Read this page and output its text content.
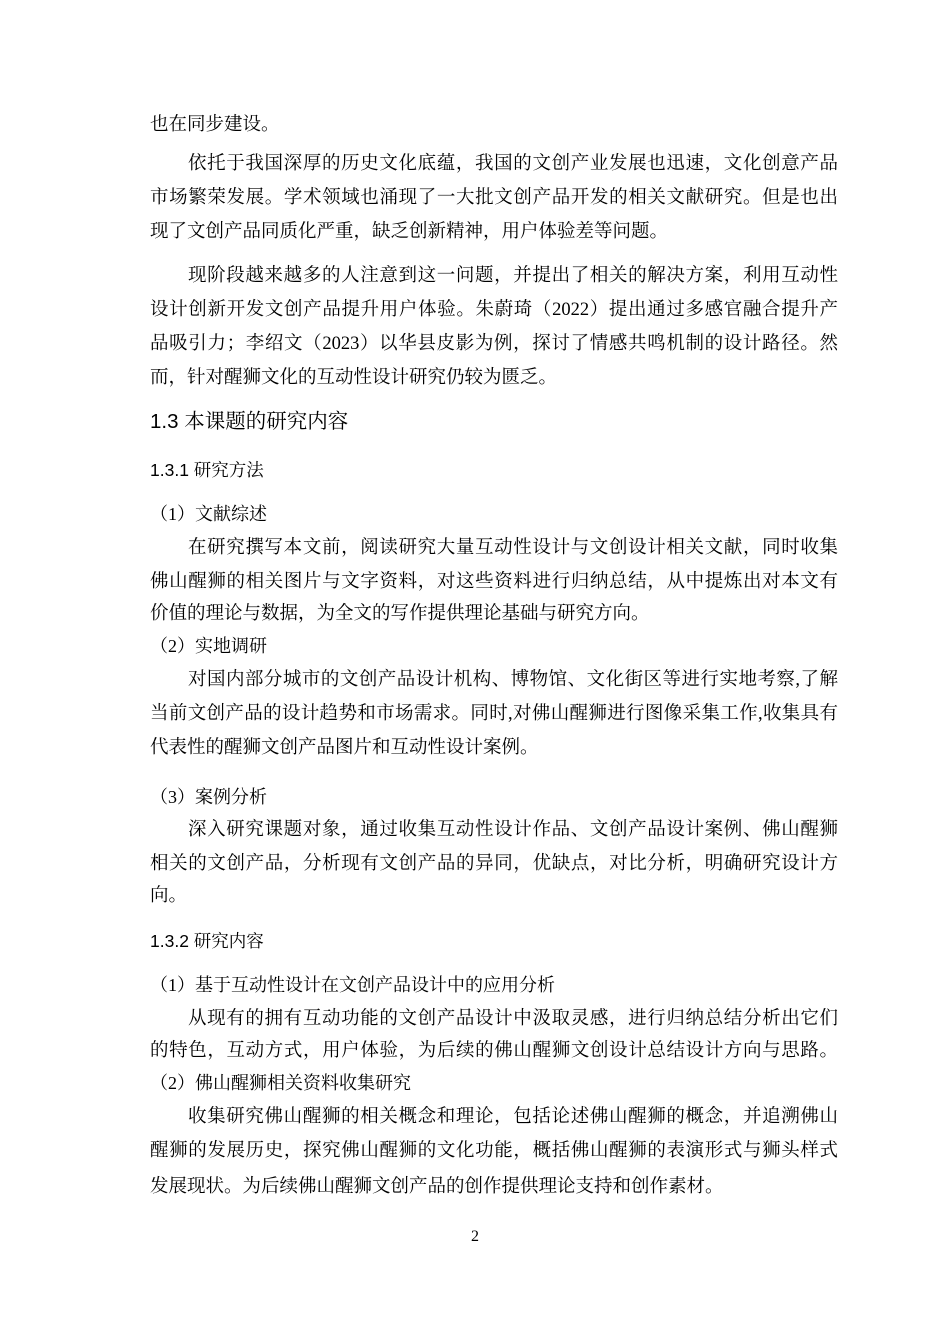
也在同步建设。
依托于我国深厚的历史文化底蕴，我国的文创产业发展也迅速，文化创意产品
市场繁荣发展。学术领域也涌现了一大批文创产品开发的相关文献研究。但是也出
现了文创产品同质化严重，缺乏创新精神，用户体验差等问题。
现阶段越来越多的人注意到这一问题，并提出了相关的解决方案，利用互动性
设计创新开发文创产品提升用户体验。朱蔚琦（2022）提出通过多感官融合提升产
品吸引力；李绍文（2023）以华县皮影为例，探讨了情感共鸣机制的设计路径。然
而，针对醒狮文化的互动性设计研究仍较为匮乏。
1.3 本课题的研究内容
1.3.1 研究方法
（1）文献综述
在研究撰写本文前，阅读研究大量互动性设计与文创设计相关文献，同时收集
佛山醒狮的相关图片与文字资料，对这些资料进行归纳总结，从中提炼出对本文有
价值的理论与数据，为全文的写作提供理论基础与研究方向。
（2）实地调研
对国内部分城市的文创产品设计机构、博物馆、文化街区等进行实地考察,了解
当前文创产品的设计趋势和市场需求。同时,对佛山醒狮进行图像采集工作,收集具有
代表性的醒狮文创产品图片和互动性设计案例。
（3）案例分析
深入研究课题对象，通过收集互动性设计作品、文创产品设计案例、佛山醒狮
相关的文创产品，分析现有文创产品的异同，优缺点，对比分析，明确研究设计方
向。
1.3.2 研究内容
（1）基于互动性设计在文创产品设计中的应用分析
从现有的拥有互动功能的文创产品设计中汲取灵感，进行归纳总结分析出它们
的特色，互动方式，用户体验，为后续的佛山醒狮文创设计总结设计方向与思路。
（2）佛山醒狮相关资料收集研究
收集研究佛山醒狮的相关概念和理论，包括论述佛山醒狮的概念，并追溯佛山
醒狮的发展历史，探究佛山醒狮的文化功能，概括佛山醒狮的表演形式与狮头样式
发展现状。为后续佛山醒狮文创产品的创作提供理论支持和创作素材。
2
